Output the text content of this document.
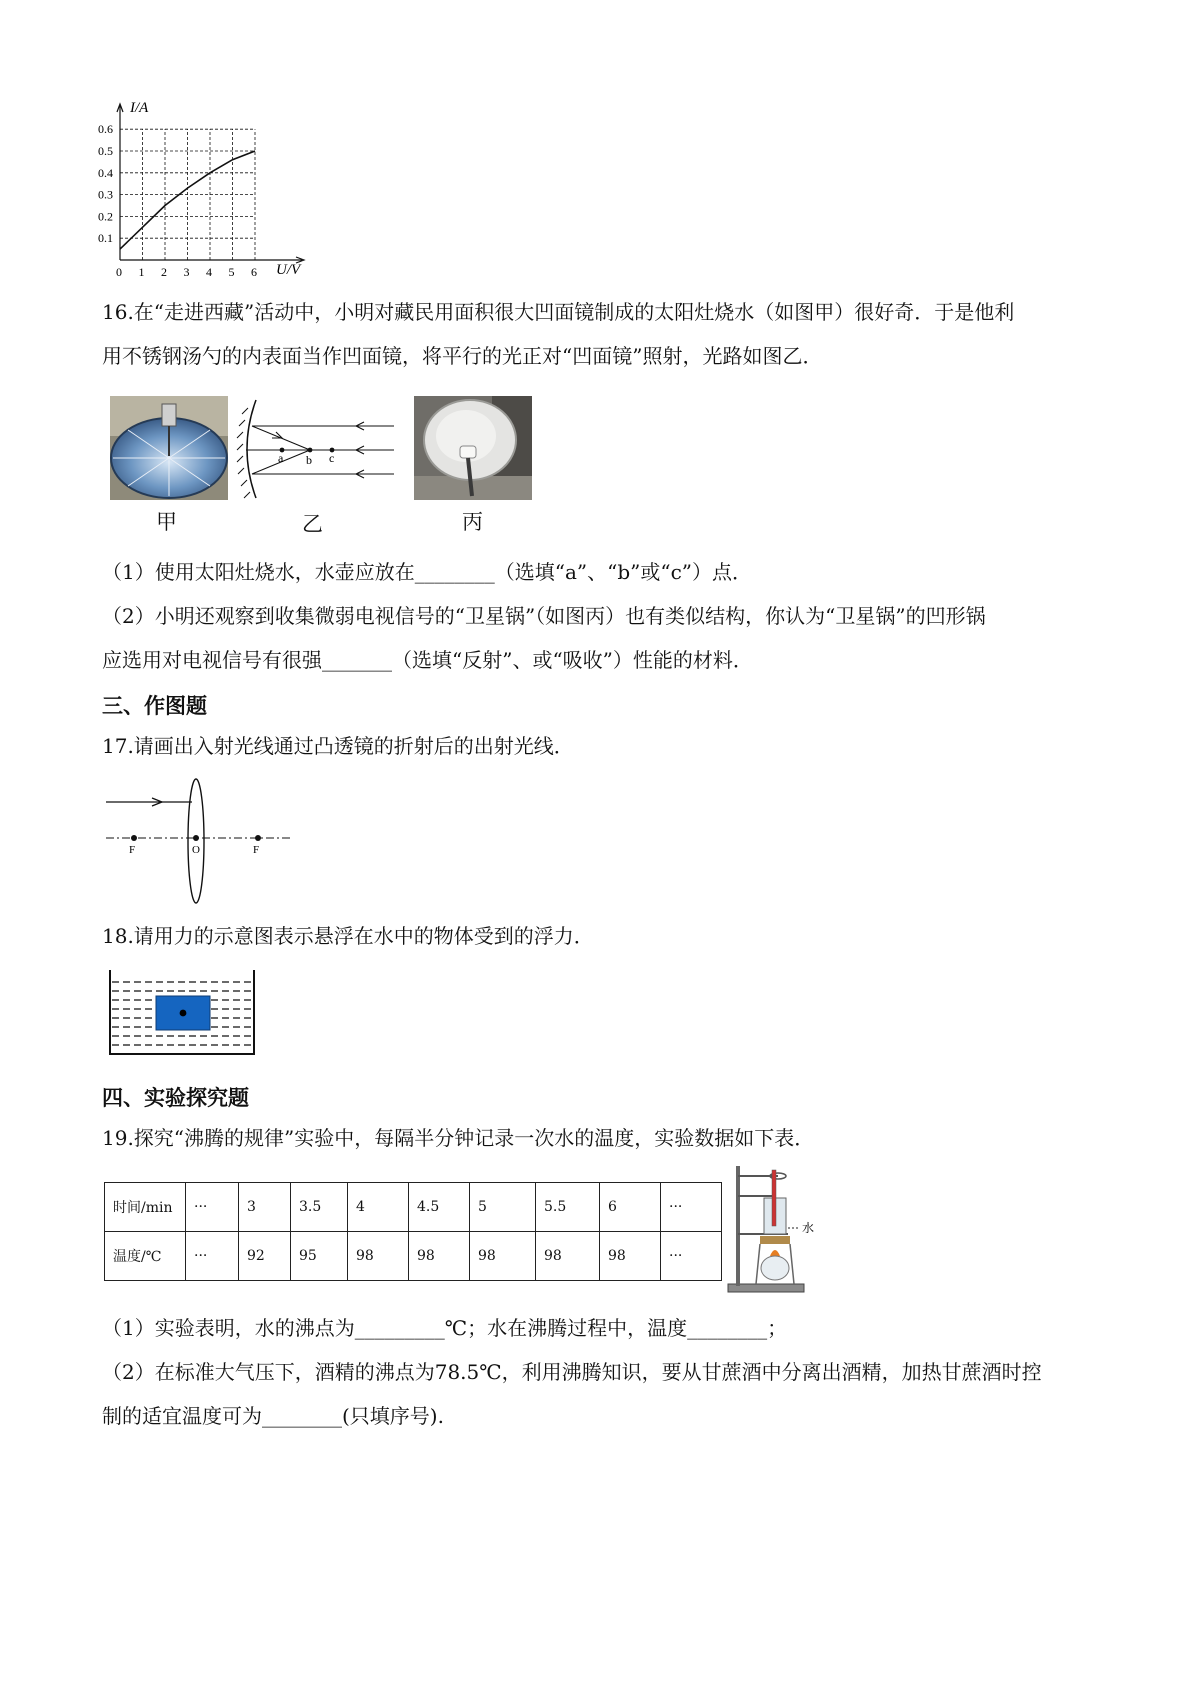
0.6
0.5
0.4
0.3
0.2
0.1
0 1 2 3 4 5 6
I/A
U/V
16.在“走进西藏”活动中，小明对藏民用面积很大凹面镜制成的太阳灶烧水（如图甲）很好奇．于是他利
用不锈钢汤勺的内表面当作凹面镜，将平行的光正对“凹面镜”照射，光路如图乙．
甲
a b c
乙	丙
（1）使用太阳灶烧水，水壶应放在________（选填“a”、“b”或“c”）点．
（2）小明还观察到收集微弱电视信号的“卫星锅”（如图丙）也有类似结构，你认为“卫星锅”的凹形锅
应选用对电视信号有很强_______（选填“反射”、或“吸收”）性能的材料．
三、作图题
17.请画出入射光线通过凸透镜的折射后的出射光线．
F	O	F
18.请用力的示意图表示悬浮在水中的物体受到的浮力．
四、实验探究题
19.探究“沸腾的规律”实验中，每隔半分钟记录一次水的温度，实验数据如下表．
时间/min	···	3	3.5	4	4.5	5	5.5	6	···
温度/℃	···	92	95	98	98	98	98	98	···
水
（1）实验表明，水的沸点为_________℃；水在沸腾过程中，温度________；
（2）在标准大气压下，酒精的沸点为78.5℃，利用沸腾知识，要从甘蔗酒中分离出酒精，加热甘蔗酒时控
制的适宜温度可为________(只填序号).
